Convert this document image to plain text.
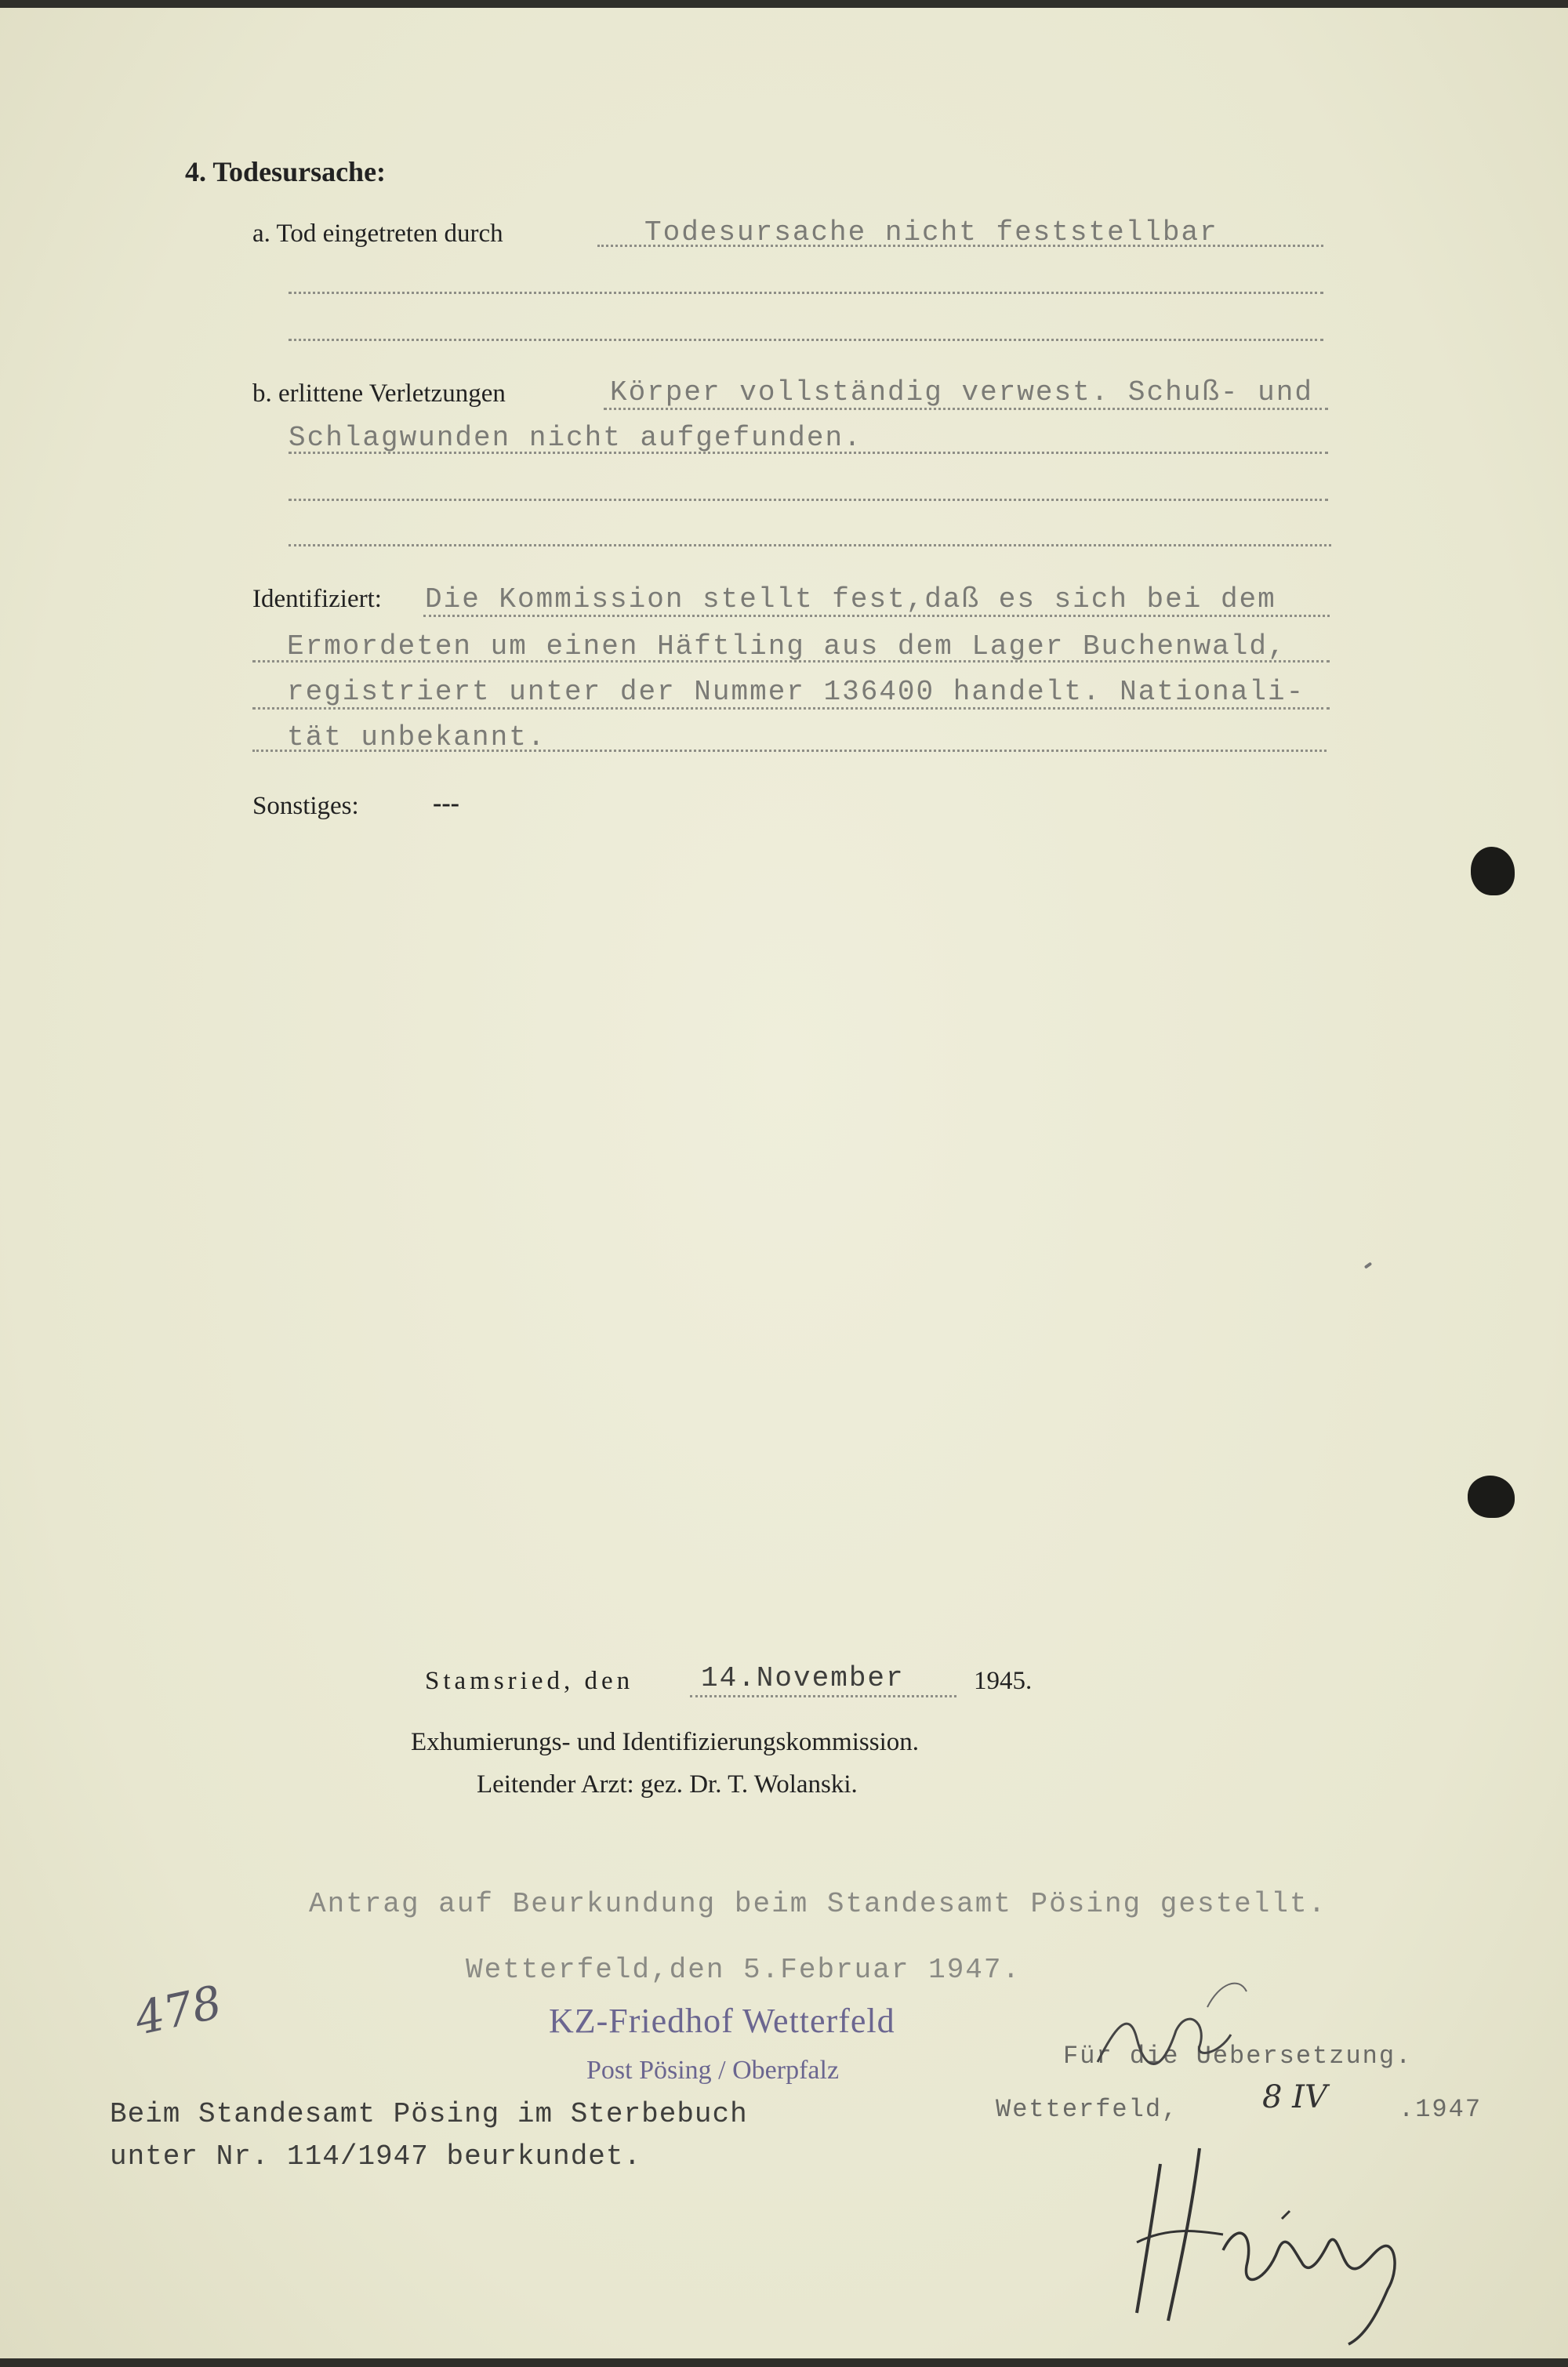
4. Todesursache:
a. Tod eingetreten durch	Todesursache nicht feststellbar
b. erlittene Verletzungen	Körper vollständig verwest. Schuß- und
Schlagwunden nicht aufgefunden.
Identifiziert: Die Kommission stellt fest,daß es sich bei dem
Ermordeten um einen Häftling aus dem Lager Buchenwald,
registriert unter der Nummer 136400 handelt. Nationali-
tät unbekannt.
Sonstiges:	---
Stamsried, den 14.November	1945.
Exhumierungs- und Identifizierungskommission.
Leitender Arzt: gez. Dr. T. Wolanski.
Antrag auf Beurkundung beim Standesamt Pösing gestellt.
Wetterfeld,den 5.Februar 1947.
KZ-Friedhof Wetterfeld
Post Pösing / Oberpfalz
478
Beim Standesamt Pösing im Sterbebuch
unter Nr. 114/1947 beurkundet.
Für die Uebersetzung.
Wetterfeld,	8 IV	.1947
